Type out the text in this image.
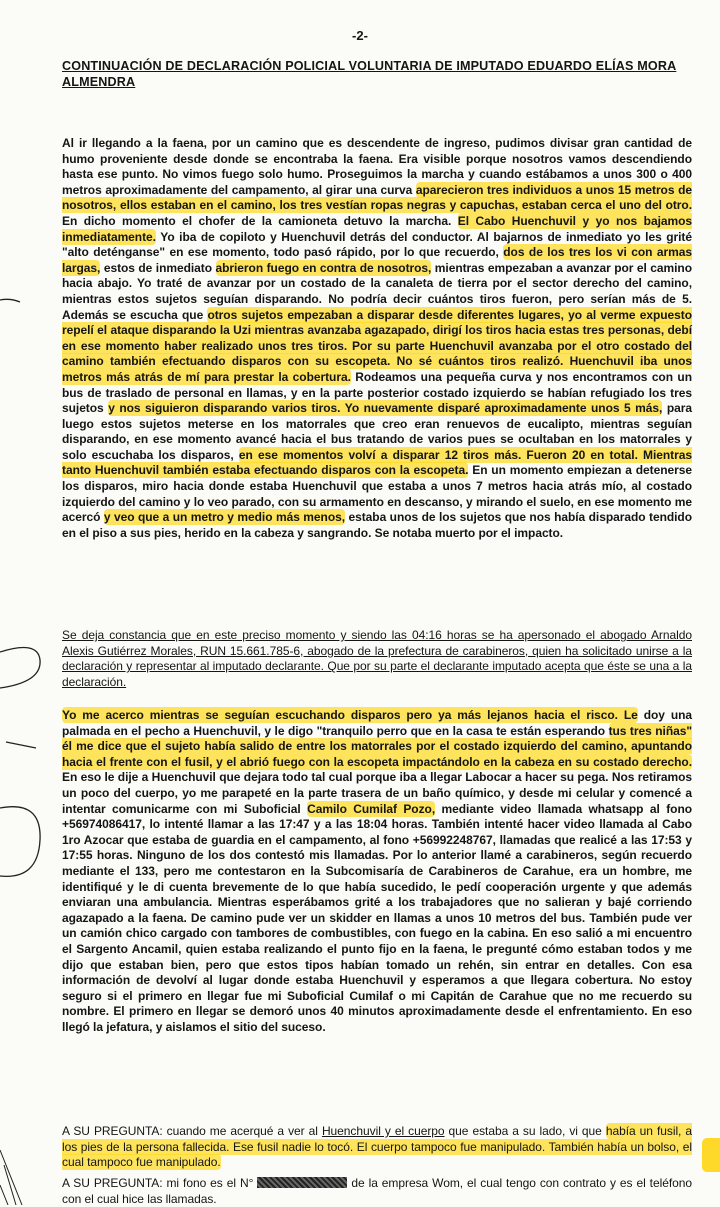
-2-
CONTINUACIÓN DE DECLARACIÓN POLICIAL VOLUNTARIA DE IMPUTADO EDUARDO ELÍAS MORA ALMENDRA

Al ir llegando a la faena, por un camino que es descendente de ingreso, pudimos divisar gran cantidad de humo proveniente desde donde se encontraba la faena. Era visible porque nosotros vamos descendiendo hasta ese punto. No vimos fuego solo humo. Proseguimos la marcha y cuando estábamos a unos 300 o 400 metros aproximadamente del campamento, al girar una curva aparecieron tres individuos a unos 15 metros de nosotros, ellos estaban en el camino, los tres vestían ropas negras y capuchas, estaban cerca el uno del otro. En dicho momento el chofer de la camioneta detuvo la marcha. El Cabo Huenchuvil y yo nos bajamos inmediatamente. Yo iba de copiloto y Huenchuvil detrás del conductor. Al bajarnos de inmediato yo les grité "alto deténganse" en ese momento, todo pasó rápido, por lo que recuerdo, dos de los tres los vi con armas largas, estos de inmediato abrieron fuego en contra de nosotros, mientras empezaban a avanzar por el camino hacia abajo. Yo traté de avanzar por un costado de la canaleta de tierra por el sector derecho del camino, mientras estos sujetos seguían disparando. No podría decir cuántos tiros fueron, pero serían más de 5. Además se escucha que otros sujetos empezaban a disparar desde diferentes lugares, yo al verme expuesto repelí el ataque disparando la Uzi mientras avanzaba agazapado, dirigí los tiros hacia estas tres personas, debí en ese momento haber realizado unos tres tiros. Por su parte Huenchuvil avanzaba por el otro costado del camino también efectuando disparos con su escopeta. No sé cuántos tiros realizó. Huenchuvil iba unos metros más atrás de mí para prestar la cobertura. Rodeamos una pequeña curva y nos encontramos con un bus de traslado de personal en llamas, y en la parte posterior costado izquierdo se habían refugiado los tres sujetos y nos siguieron disparando varios tiros. Yo nuevamente disparé aproximadamente unos 5 más, para luego estos sujetos meterse en los matorrales que creo eran renuevos de eucalipto, mientras seguían disparando, en ese momento avancé hacia el bus tratando de varios pues se ocultaban en los matorrales y solo escuchaba los disparos, en ese momentos volví a disparar 12 tiros más. Fueron 20 en total. Mientras tanto Huenchuvil también estaba efectuando disparos con la escopeta. En un momento empiezan a detenerse los disparos, miro hacia donde estaba Huenchuvil que estaba a unos 7 metros hacia atrás mío, al costado izquierdo del camino y lo veo parado, con su armamento en descanso, y mirando el suelo, en ese momento me acercó y veo que a un metro y medio más menos, estaba unos de los sujetos que nos había disparado tendido en el piso a sus pies, herido en la cabeza y sangrando. Se notaba muerto por el impacto.

Se deja constancia que en este preciso momento y siendo las 04:16 horas se ha apersonado el abogado Arnaldo Alexis Gutiérrez Morales, RUN 15.661.785-6, abogado de la prefectura de carabineros, quien ha solicitado unirse a la declaración y representar al imputado declarante. Que por su parte el declarante imputado acepta que éste se una a la declaración.

Yo me acerco mientras se seguían escuchando disparos pero ya más lejanos hacia el risco. Le doy una palmada en el pecho a Huenchuvil, y le digo "tranquilo perro que en la casa te están esperando tus tres niñas" él me dice que el sujeto había salido de entre los matorrales por el costado izquierdo del camino, apuntando hacia el frente con el fusil, y el abrió fuego con la escopeta impactándolo en la cabeza en su costado derecho. En eso le dije a Huenchuvil que dejara todo tal cual porque iba a llegar Labocar a hacer su pega. Nos retiramos un poco del cuerpo, yo me parapeté en la parte trasera de un baño químico, y desde mi celular y comencé a intentar comunicarme con mi Suboficial Camilo Cumilaf Pozo, mediante video llamada whatsapp al fono +56974086417, lo intenté llamar a las 17:47 y a las 18:04 horas. También intenté hacer video llamada al Cabo 1ro Azocar que estaba de guardia en el campamento, al fono +56992248767, llamadas que realicé a las 17:53 y 17:55 horas. Ninguno de los dos contestó mis llamadas. Por lo anterior llamé a carabineros, según recuerdo mediante el 133, pero me contestaron en la Subcomisaría de Carabineros de Carahue, era un hombre, me identifiqué y le di cuenta brevemente de lo que había sucedido, le pedí cooperación urgente y que además enviaran una ambulancia. Mientras esperábamos grité a los trabajadores que no salieran y bajé corriendo agazapado a la faena. De camino pude ver un skidder en llamas a unos 10 metros del bus. También pude ver un camión chico cargado con tambores de combustibles, con fuego en la cabina. En eso salió a mi encuentro el Sargento Ancamil, quien estaba realizando el punto fijo en la faena, le pregunté cómo estaban todos y me dijo que estaban bien, pero que estos tipos habían tomado un rehén, sin entrar en detalles. Con esa información de devolví al lugar donde estaba Huenchuvil y esperamos a que llegara cobertura. No estoy seguro si el primero en llegar fue mi Suboficial Cumilaf o mi Capitán de Carahue que no me recuerdo su nombre. El primero en llegar se demoró unos 40 minutos aproximadamente desde el enfrentamiento. En eso llegó la jefatura, y aislamos el sitio del suceso.

A SU PREGUNTA: cuando me acerqué a ver al Huenchuvil y el cuerpo que estaba a su lado, vi que había un fusil, a los pies de la persona fallecida. Ese fusil nadie lo tocó. El cuerpo tampoco fue manipulado. También había un bolso, el cual tampoco fue manipulado.

A SU PREGUNTA: mi fono es el N°	de la empresa Wom, el cual tengo con contrato y es el teléfono con el cual hice las llamadas.
